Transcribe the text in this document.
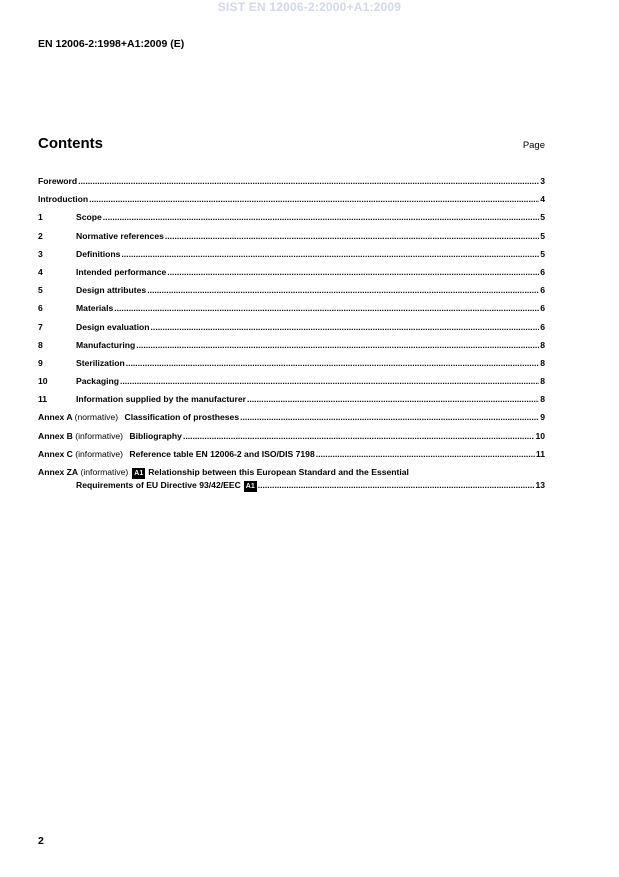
SIST EN 12006-2:2000+A1:2009
EN 12006-2:1998+A1:2009 (E)
Contents	Page
Foreword .....	3
Introduction .....	4
1	Scope .....	5
2	Normative references .....	5
3	Definitions .....	5
4	Intended performance .....	6
5	Design attributes .....	6
6	Materials .....	6
7	Design evaluation .....	6
8	Manufacturing .....	8
9	Sterilization .....	8
10	Packaging .....	8
11	Information supplied by the manufacturer .....	8
Annex A (normative) Classification of prostheses .....	9
Annex B (informative) Bibliography .....	10
Annex C (informative) Reference table EN 12006-2 and ISO/DIS 7198 .....	11
Annex ZA
(informative) A1 Relationship between this European Standard and the Essential
Requirements of EU Directive 93/42/EEC A1 .....	13
2
